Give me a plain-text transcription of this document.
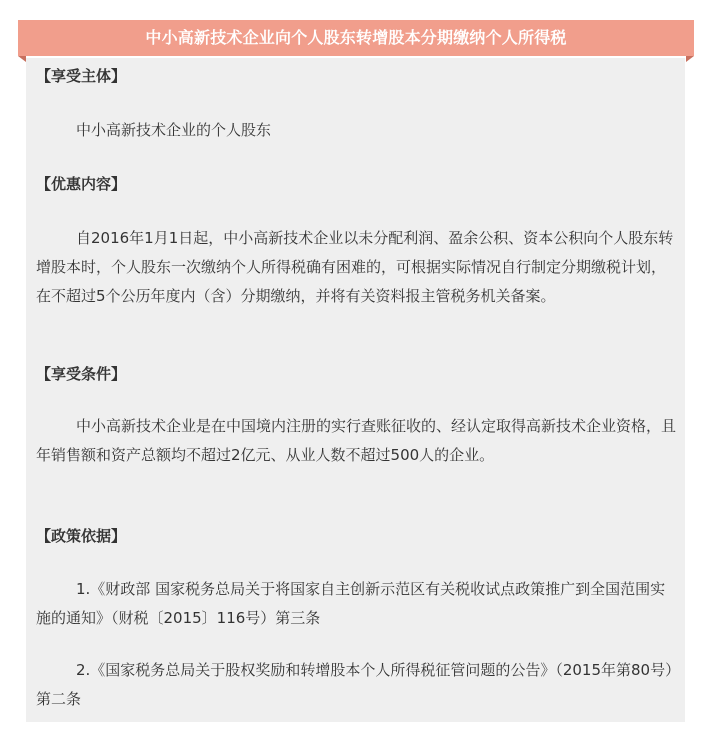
中小高新技术企业向个人股东转增股本分期缴纳个人所得税

【享受主体】

中小高新技术企业的个人股东

【优惠内容】

自2016年1月1日起，中小高新技术企业以未分配利润、盈余公积、资本公积向个人股东转增股本时，个人股东一次缴纳个人所得税确有困难的，可根据实际情况自行制定分期缴税计划，在不超过5个公历年度内（含）分期缴纳，并将有关资料报主管税务机关备案。

【享受条件】

中小高新技术企业是在中国境内注册的实行查账征收的、经认定取得高新技术企业资格，且年销售额和资产总额均不超过2亿元、从业人数不超过500人的企业。

【政策依据】

1.《财政部 国家税务总局关于将国家自主创新示范区有关税收试点政策推广到全国范围实施的通知》（财税〔2015〕116号）第三条

2.《国家税务总局关于股权奖励和转增股本个人所得税征管问题的公告》（2015年第80号）第二条
